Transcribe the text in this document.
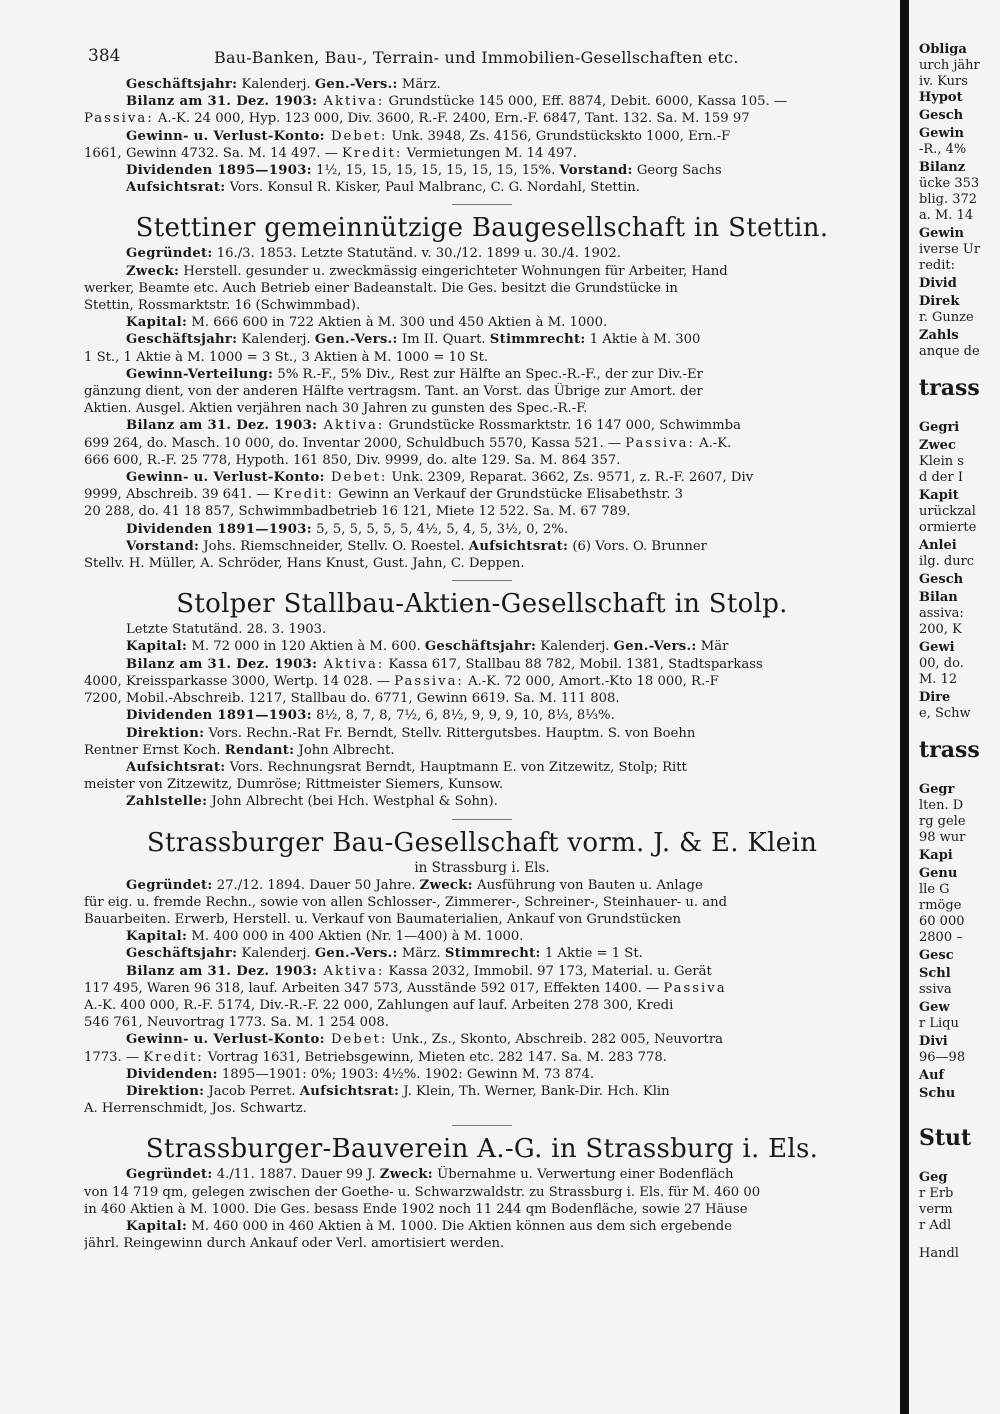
384	Bau-Banken, Bau-, Terrain- und Immobilien-Gesellschaften etc.
Geschäftsjahr: Kalenderj. Gen.-Vers.: März.
Bilanz am 31. Dez. 1903: Aktiva: Grundstücke 145 000, Eff. 8874, Debit. 6000, Kassa 105. —
Passiva: A.-K. 24 000, Hyp. 123 000, Div. 3600, R.-F. 2400, Ern.-F. 6847, Tant. 132. Sa. M. 159 97
Gewinn- u. Verlust-Konto: Debet: Unk. 3948, Zs. 4156, Grundstückskto 1000, Ern.-F
1661, Gewinn 4732. Sa. M. 14 497. — Kredit: Vermietungen M. 14 497.
Dividenden 1895—1903: 1½, 15, 15, 15, 15, 15, 15, 15, 15%. Vorstand: Georg Sachs
Aufsichtsrat: Vors. Konsul R. Kisker, Paul Malbranc, C. G. Nordahl, Stettin.
Stettiner gemeinnützige Baugesellschaft in Stettin.
Gegründet: 16./3. 1853. Letzte Statutänd. v. 30./12. 1899 u. 30./4. 1902.
Zweck: Herstell. gesunder u. zweckmässig eingerichteter Wohnungen für Arbeiter, Hand
werker, Beamte etc. Auch Betrieb einer Badeanstalt. Die Ges. besitzt die Grundstücke in
Stettin, Rossmarktstr. 16 (Schwimmbad).
Kapital: M. 666 600 in 722 Aktien à M. 300 und 450 Aktien à M. 1000.
Geschäftsjahr: Kalenderj. Gen.-Vers.: Im II. Quart. Stimmrecht: 1 Aktie à M. 300
1 St., 1 Aktie à M. 1000 = 3 St., 3 Aktien à M. 1000 = 10 St.
Gewinn-Verteilung: 5% R.-F., 5% Div., Rest zur Hälfte an Spec.-R.-F., der zur Div.-Er
gänzung dient, von der anderen Hälfte vertragsm. Tant. an Vorst. das Übrige zur Amort. der
Aktien. Ausgel. Aktien verjähren nach 30 Jahren zu gunsten des Spec.-R.-F.
Bilanz am 31. Dez. 1903: Aktiva: Grundstücke Rossmarktstr. 16 147 000, Schwimmba
699 264, do. Masch. 10 000, do. Inventar 2000, Schuldbuch 5570, Kassa 521. — Passiva: A.-K.
666 600, R.-F. 25 778, Hypoth. 161 850, Div. 9999, do. alte 129. Sa. M. 864 357.
Gewinn- u. Verlust-Konto: Debet: Unk. 2309, Reparat. 3662, Zs. 9571, z. R.-F. 2607, Div
9999, Abschreib. 39 641. — Kredit: Gewinn an Verkauf der Grundstücke Elisabethstr. 3
20 288, do. 41 18 857, Schwimmbadbetrieb 16 121, Miete 12 522. Sa. M. 67 789.
Dividenden 1891—1903: 5, 5, 5, 5, 5, 5, 4½, 5, 4, 5, 3½, 0, 2%.
Vorstand: Johs. Riemschneider, Stellv. O. Roestel. Aufsichtsrat: (6) Vors. O. Brunner
Stellv. H. Müller, A. Schröder, Hans Knust, Gust. Jahn, C. Deppen.
Stolper Stallbau-Aktien-Gesellschaft in Stolp.
Letzte Statutänd. 28. 3. 1903.
Kapital: M. 72 000 in 120 Aktien à M. 600. Geschäftsjahr: Kalenderj. Gen.-Vers.: Mär
Bilanz am 31. Dez. 1903: Aktiva: Kassa 617, Stallbau 88 782, Mobil. 1381, Stadtsparkass
4000, Kreissparkasse 3000, Wertp. 14 028. — Passiva: A.-K. 72 000, Amort.-Kto 18 000, R.-F
7200, Mobil.-Abschreib. 1217, Stallbau do. 6771, Gewinn 6619. Sa. M. 111 808.
Dividenden 1891—1903: 8½, 8, 7, 8, 7½, 6, 8½, 9, 9, 9, 10, 8⅓, 8⅓%.
Direktion: Vors. Rechn.-Rat Fr. Berndt, Stellv. Rittergutsbes. Hauptm. S. von Boehn
Rentner Ernst Koch. Rendant: John Albrecht.
Aufsichtsrat: Vors. Rechnungsrat Berndt, Hauptmann E. von Zitzewitz, Stolp; Ritt
meister von Zitzewitz, Dumröse; Rittmeister Siemers, Kunsow.
Zahlstelle: John Albrecht (bei Hch. Westphal & Sohn).
Strassburger Bau-Gesellschaft vorm. J. & E. Klein
in Strassburg i. Els.
Gegründet: 27./12. 1894. Dauer 50 Jahre. Zweck: Ausführung von Bauten u. Anlage
für eig. u. fremde Rechn., sowie von allen Schlosser-, Zimmerer-, Schreiner-, Steinhauer- u. and
Bauarbeiten. Erwerb, Herstell. u. Verkauf von Baumaterialien, Ankauf von Grundstücken
Kapital: M. 400 000 in 400 Aktien (Nr. 1—400) à M. 1000.
Geschäftsjahr: Kalenderj. Gen.-Vers.: März. Stimmrecht: 1 Aktie = 1 St.
Bilanz am 31. Dez. 1903: Aktiva: Kassa 2032, Immobil. 97 173, Material. u. Gerät
117 495, Waren 96 318, lauf. Arbeiten 347 573, Ausstände 592 017, Effekten 1400. — Passiva
A.-K. 400 000, R.-F. 5174, Div.-R.-F. 22 000, Zahlungen auf lauf. Arbeiten 278 300, Kredi
546 761, Neuvortrag 1773. Sa. M. 1 254 008.
Gewinn- u. Verlust-Konto: Debet: Unk., Zs., Skonto, Abschreib. 282 005, Neuvortra
1773. — Kredit: Vortrag 1631, Betriebsgewinn, Mieten etc. 282 147. Sa. M. 283 778.
Dividenden: 1895—1901: 0%; 1903: 4½%. 1902: Gewinn M. 73 874.
Direktion: Jacob Perret. Aufsichtsrat: J. Klein, Th. Werner, Bank-Dir. Hch. Klin
A. Herrenschmidt, Jos. Schwartz.
Strassburger-Bauverein A.-G. in Strassburg i. Els.
Gegründet: 4./11. 1887. Dauer 99 J. Zweck: Übernahme u. Verwertung einer Bodenfläch
von 14 719 qm, gelegen zwischen der Goethe- u. Schwarzwaldstr. zu Strassburg i. Els. für M. 460 00
in 460 Aktien à M. 1000. Die Ges. besass Ende 1902 noch 11 244 qm Bodenfläche, sowie 27 Häuse
Kapital: M. 460 000 in 460 Aktien à M. 1000. Die Aktien können aus dem sich ergebende
jährl. Reingewinn durch Ankauf oder Verl. amortisiert werden.
Obliga
urch jähr
iv. Kurs
Hypot
Gesch
Gewin
-R., 4%
Bilanz
ücke 353
blig. 372
a. M. 14
Gewin
iverse Ur
redit:
Divid
Direk
r. Gunze
Zahls
anque de
trass
Gegri
Zwec
Klein s
d der I
Kapit
urückzal
ormierte
Anlei
ilg. durc
Gesch
Bilan
assiva:
200, K
Gewi
00, do.
M. 12
Dire
e, Schw
trass
Gegr
lten. D
rg gele
98 wur
Kapi
Genu
lle G
rmöge
60 000
2800 –
Gesc
Schl
ssiva
Gew
r Liqu
Divi
96—98
Auf
Schu
Stut
Geg
r Erb
verm
r Adl
Handl
